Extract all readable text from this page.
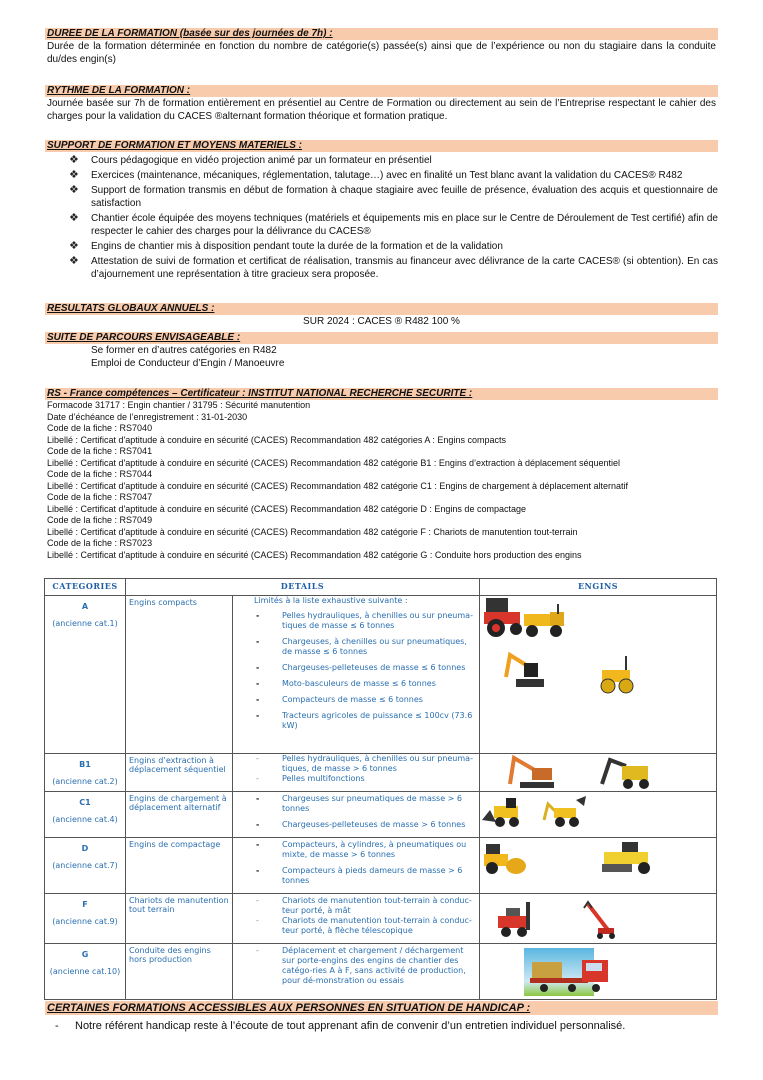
DUREE DE LA FORMATION (basée sur des journées de 7h) :
Durée de la formation déterminée en fonction du nombre de catégorie(s) passée(s) ainsi que de l’expérience ou non du stagiaire dans la conduite du/des engin(s)
RYTHME DE LA FORMATION :
Journée basée sur 7h de formation entièrement en présentiel au Centre de Formation ou directement au sein de l’Entreprise respectant le cahier des charges pour la validation du CACES ®alternant formation théorique et formation pratique.
SUPPORT DE FORMATION ET MOYENS MATERIELS :
❖ Cours pédagogique en vidéo projection animé par un formateur en présentiel
❖ Exercices (maintenance, mécaniques, réglementation, talutage…) avec en finalité un Test blanc avant la validation du CACES® R482
❖ Support de formation transmis en début de formation à chaque stagiaire avec feuille de présence, évaluation des acquis et questionnaire de satisfaction
❖ Chantier école équipée des moyens techniques (matériels et équipements mis en place sur le Centre de Déroulement de Test certifié) afin de respecter le cahier des charges pour la délivrance du CACES®
❖ Engins de chantier mis à disposition pendant toute la durée de la formation et de la validation
❖ Attestation de suivi de formation et certificat de réalisation, transmis au financeur avec délivrance de la carte CACES® (si obtention). En cas d’ajournement une représentation à titre gracieux sera proposée.
RESULTATS GLOBAUX ANNUELS :
SUR 2024 : CACES ® R482 100 %
SUITE DE PARCOURS ENVISAGEABLE :
Se former en d’autres catégories en R482
Emploi de Conducteur d’Engin / Manoeuvre
RS - France compétences – Certificateur : INSTITUT NATIONAL RECHERCHE SECURITE :
Formacode 31717 : Engin chantier / 31795 : Sécurité manutention
Date d’échéance de l’enregistrement : 31-01-2030
Code de la fiche : RS7040
Libellé : Certificat d'aptitude à conduire en sécurité (CACES) Recommandation 482 catégories A : Engins compacts
Code de la fiche : RS7041
Libellé : Certificat d'aptitude à conduire en sécurité (CACES) Recommandation 482 catégorie B1 : Engins d’extraction à déplacement séquentiel
Code de la fiche : RS7044
Libellé : Certificat d'aptitude à conduire en sécurité (CACES) Recommandation 482 catégorie C1 : Engins de chargement à déplacement alternatif
Code de la fiche : RS7047
Libellé : Certificat d'aptitude à conduire en sécurité (CACES) Recommandation 482 catégorie D : Engins de compactage
Code de la fiche : RS7049
Libellé : Certificat d'aptitude à conduire en sécurité (CACES) Recommandation 482 catégorie F : Chariots de manutention tout-terrain
Code de la fiche : RS7023
Libellé : Certificat d'aptitude à conduire en sécurité (CACES) Recommandation 482 catégorie G : Conduite hors production des engins
CATEGORIES	DETAILS		ENGINS

A
(ancienne cat.1)
	Engins compacts	Limités à la liste exhaustive suivante :
-	Pelles hydrauliques, à chenilles ou sur pneuma-tiques de masse ≤ 6 tonnes
-	Chargeuses, à chenilles ou sur pneumatiques, de masse ≤ 6 tonnes
-	Chargeuses-pelleteuses de masse ≤ 6 tonnes
-	Moto-basculeurs de masse ≤ 6 tonnes
-	Compacteurs de masse ≤ 6 tonnes
-	Tracteurs agricoles de puissance ≤ 100cv (73.6 kW)

B1
(ancienne cat.2)
	Engins d’extraction à déplacement séquentiel	
-	Pelles hydrauliques, à chenilles ou sur pneuma-tiques, de masse > 6 tonnes
-	Pelles multifonctions

C1
(ancienne cat.4)
	Engins de chargement à déplacement alternatif	
-	Chargeuses sur pneumatiques de masse > 6 tonnes
-	Chargeuses-pelleteuses de masse > 6 tonnes

D
(ancienne cat.7)
	Engins de compactage	-	Compacteurs, à cylindres, à pneumatiques ou mixte, de masse > 6 tonnes
-	Compacteurs à pieds dameurs de masse > 6 tonnes

F
(ancienne cat.9)
	Chariots de manutention tout terrain	
-	Chariots de manutention tout-terrain à conduc-teur porté, à mât
-	Chariots de manutention tout-terrain à conduc-teur porté, à flèche télescopique

G
(ancienne cat.10)
	Conduite des engins hors production	
-	Déplacement et chargement / déchargement sur porte-engins des engins de chantier des catégo-ries A à F, sans activité de production, pour dé-monstration ou essais

CERTAINES FORMATIONS ACCESSIBLES AUX PERSONNES EN SITUATION DE HANDICAP :
- Notre référent handicap reste à l’écoute de tout apprenant afin de convenir d’un entretien individuel personnalisé.
